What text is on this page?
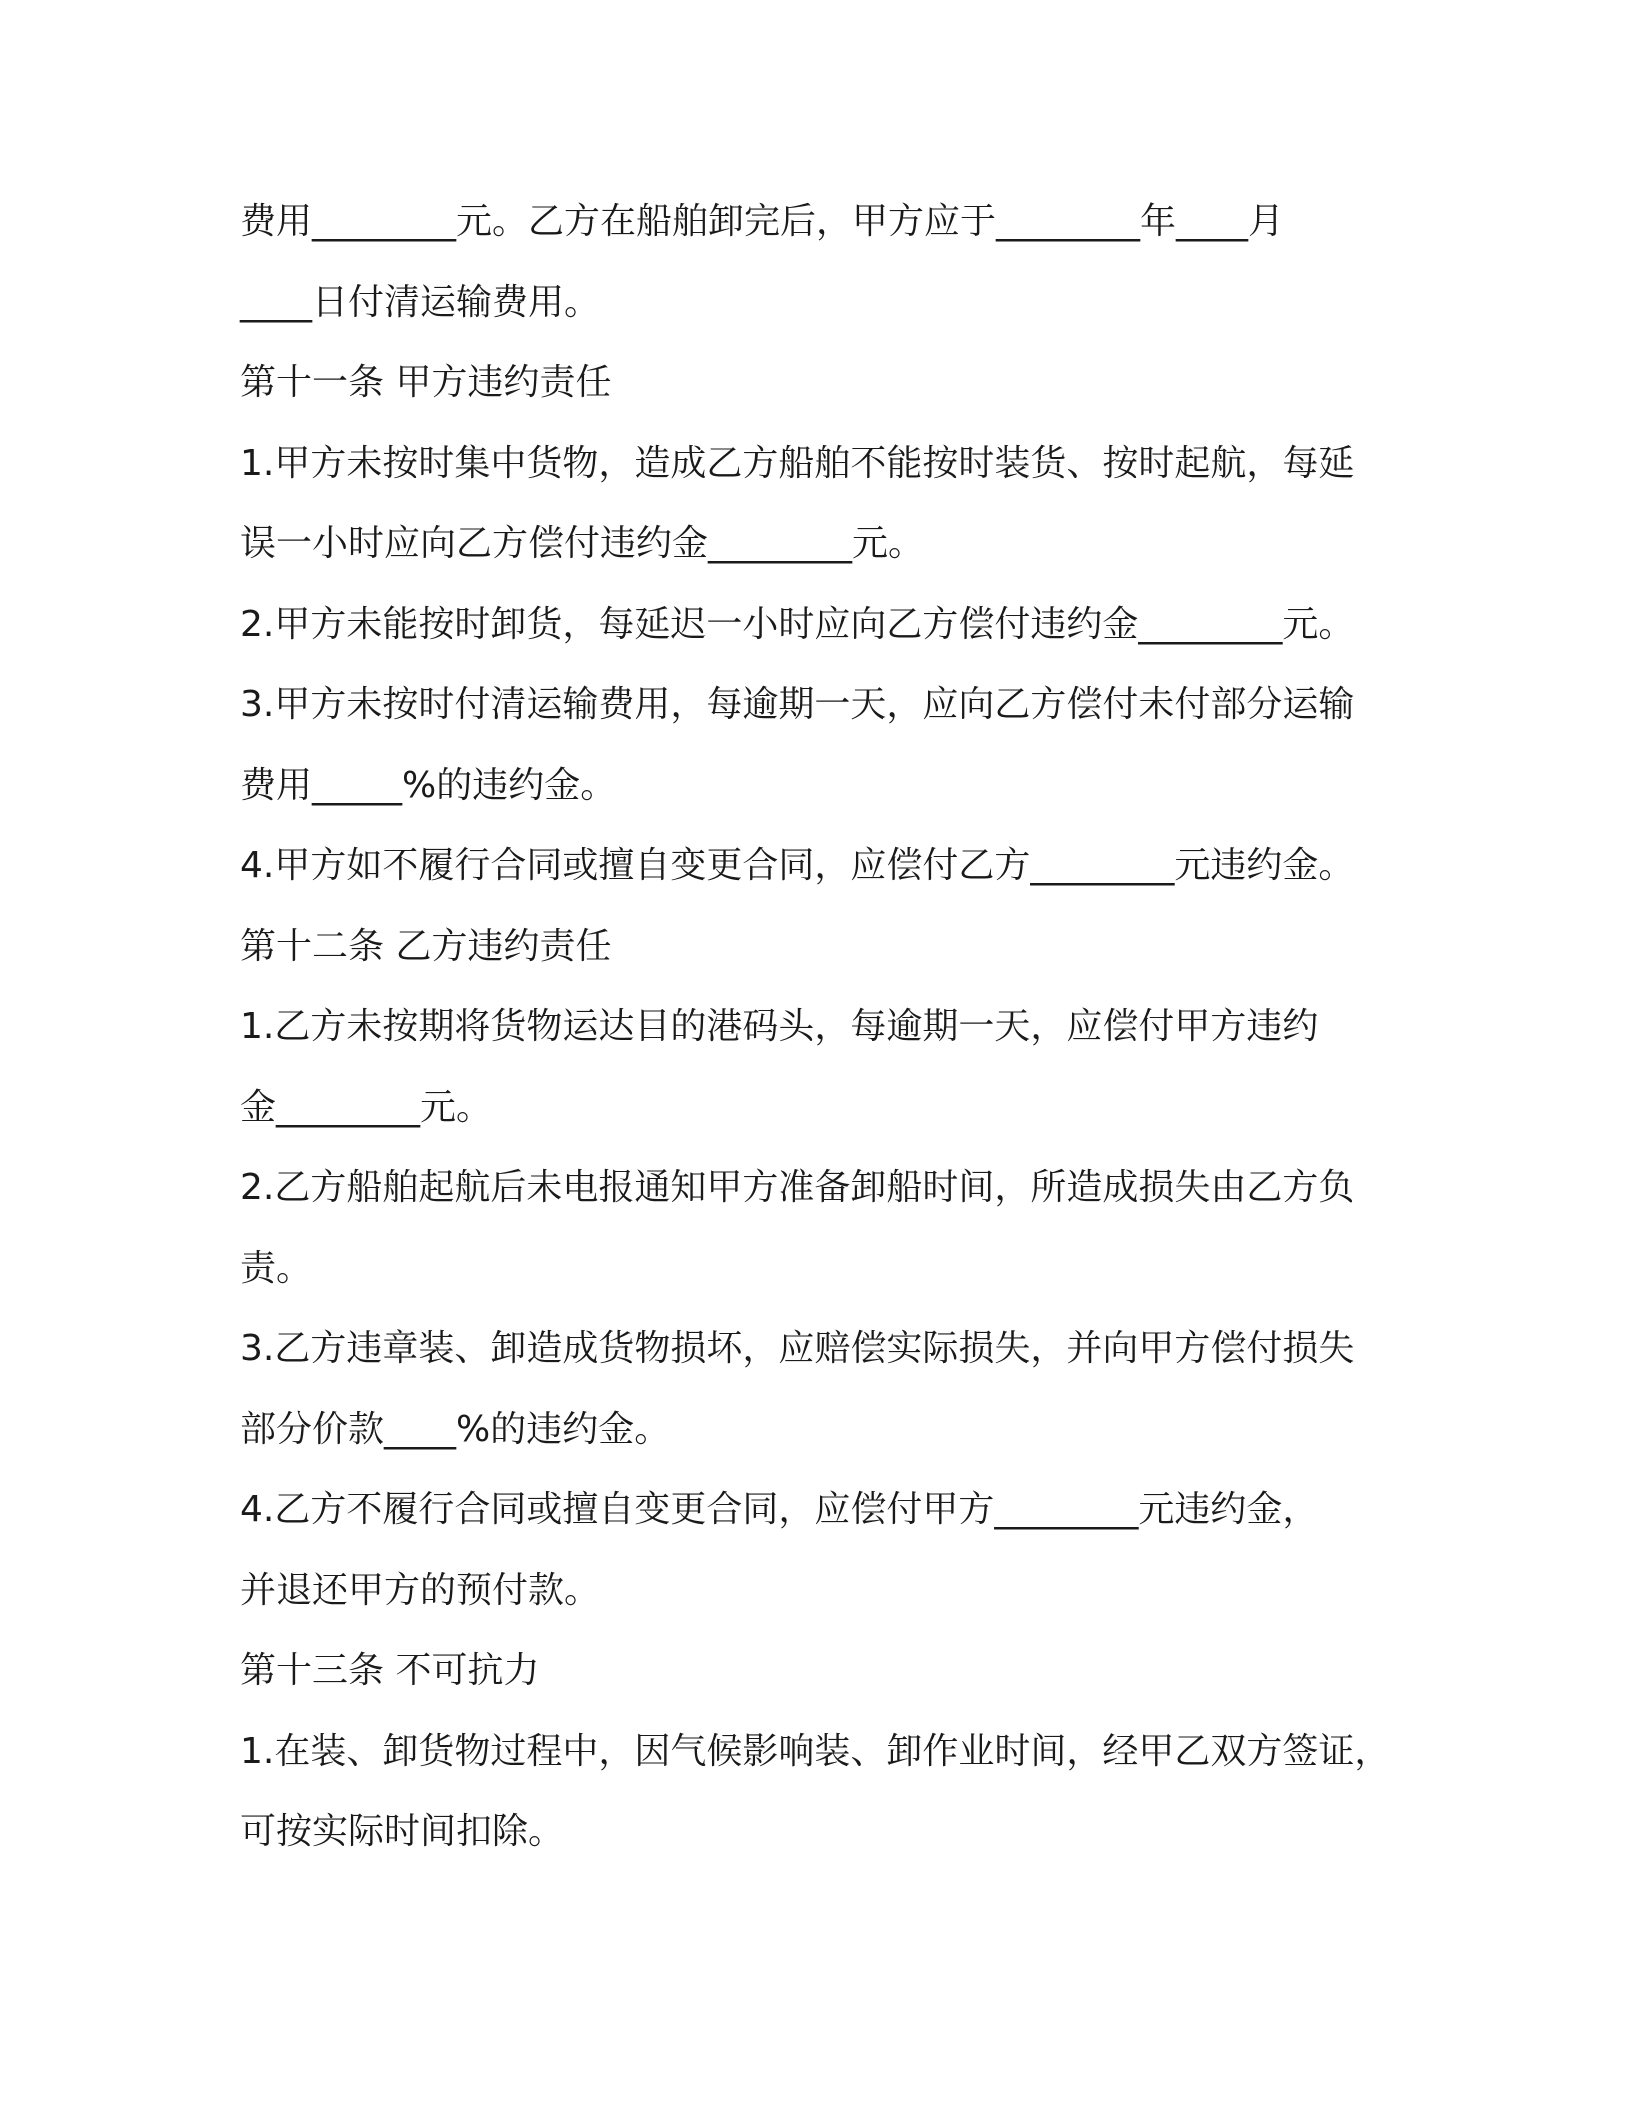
费用________元。乙方在船舶卸完后，甲方应于________年____月

____日付清运输费用。

第十一条 甲方违约责任

1.甲方未按时集中货物，造成乙方船舶不能按时装货、按时起航，每延

误一小时应向乙方偿付违约金________元。

2.甲方未能按时卸货，每延迟一小时应向乙方偿付违约金________元。

3.甲方未按时付清运输费用，每逾期一天，应向乙方偿付未付部分运输

费用_____%的违约金。

4.甲方如不履行合同或擅自变更合同，应偿付乙方________元违约金。

第十二条 乙方违约责任

1.乙方未按期将货物运达目的港码头，每逾期一天，应偿付甲方违约

金________元。

2.乙方船舶起航后未电报通知甲方准备卸船时间，所造成损失由乙方负

责。

3.乙方违章装、卸造成货物损坏，应赔偿实际损失，并向甲方偿付损失

部分价款____%的违约金。

4.乙方不履行合同或擅自变更合同，应偿付甲方________元违约金，

并退还甲方的预付款。

第十三条 不可抗力

1.在装、卸货物过程中，因气候影响装、卸作业时间，经甲乙双方签证，

可按实际时间扣除。
